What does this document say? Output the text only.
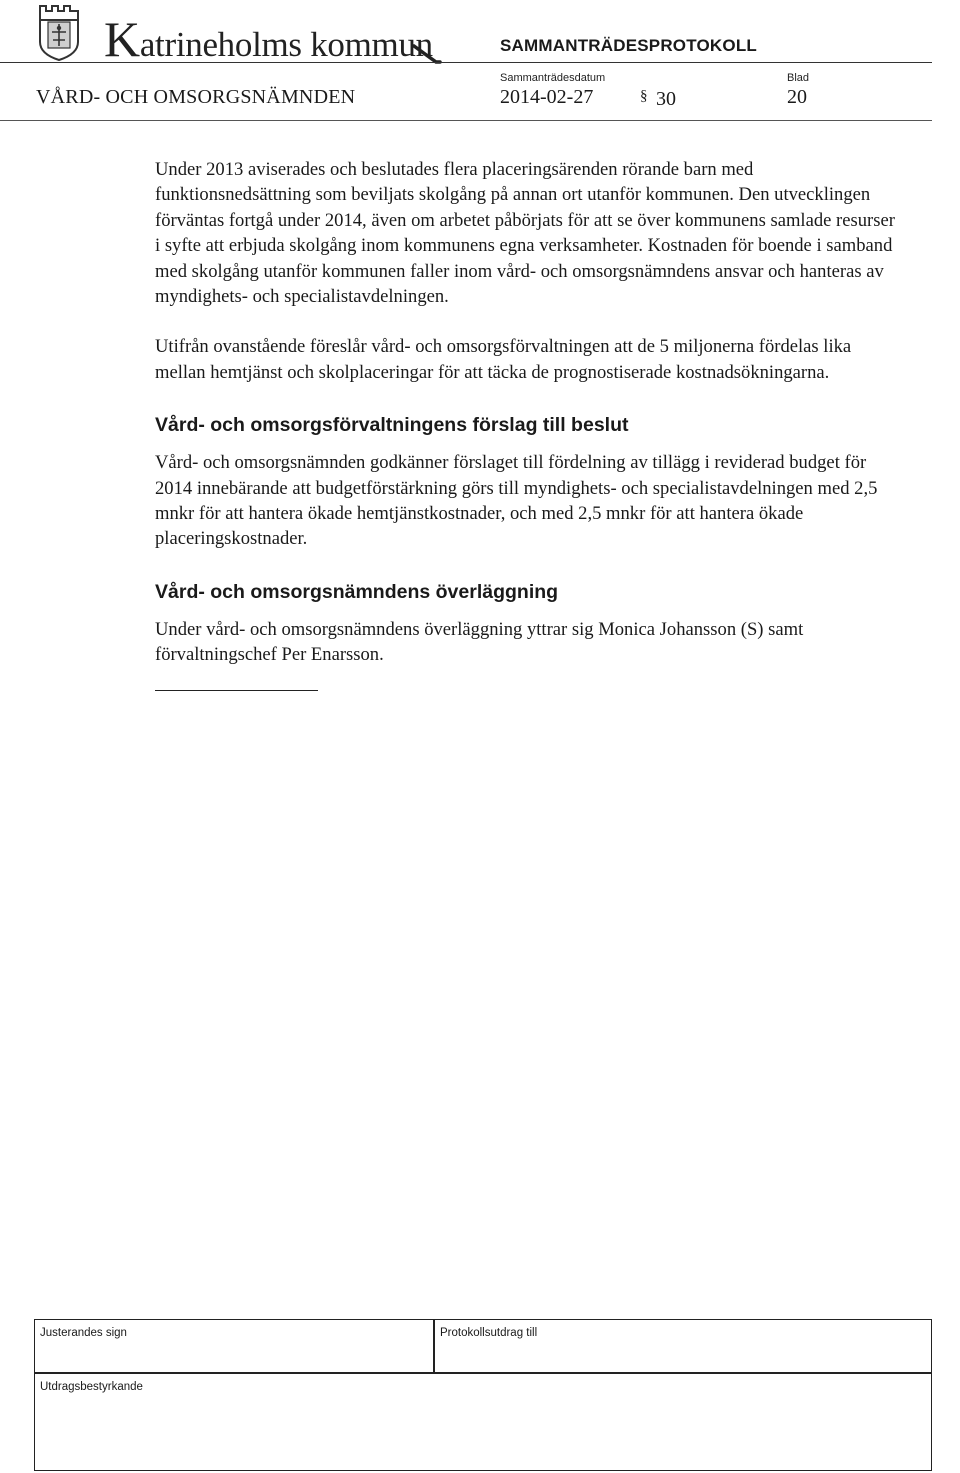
Katrineholms kommun	SAMMANTRÄDESPROTOKOLL
Sammanträdesdatum	Blad
VÅRD- OCH OMSORGSNÄMNDEN	2014-02-27	§ 30	20

Under 2013 aviserades och beslutades flera placeringsärenden rörande barn med funktionsnedsättning som beviljats skolgång på annan ort utanför kommunen. Den utvecklingen förväntas fortgå under 2014, även om arbetet påbörjats för att se över kommunens samlade resurser i syfte att erbjuda skolgång inom kommunens egna verksamheter. Kostnaden för boende i samband med skolgång utanför kommunen faller inom vård- och omsorgsnämndens ansvar och hanteras av myndighets- och specialistavdelningen.

Utifrån ovanstående föreslår vård- och omsorgsförvaltningen att de 5 miljonerna fördelas lika mellan hemtjänst och skolplaceringar för att täcka de prognostiserade kostnadsökningarna.

Vård- och omsorgsförvaltningens förslag till beslut

Vård- och omsorgsnämnden godkänner förslaget till fördelning av tillägg i reviderad budget för 2014 innebärande att budgetförstärkning görs till myndighets- och specialistavdelningen med 2,5 mnkr för att hantera ökade hemtjänstkostnader, och med 2,5 mnkr för att hantera ökade placeringskostnader.

Vård- och omsorgsnämndens överläggning

Under vård- och omsorgsnämndens överläggning yttrar sig Monica Johansson (S) samt förvaltningschef Per Enarsson.

Justerandes sign	Protokollsutdrag till
Utdragsbestyrkande
